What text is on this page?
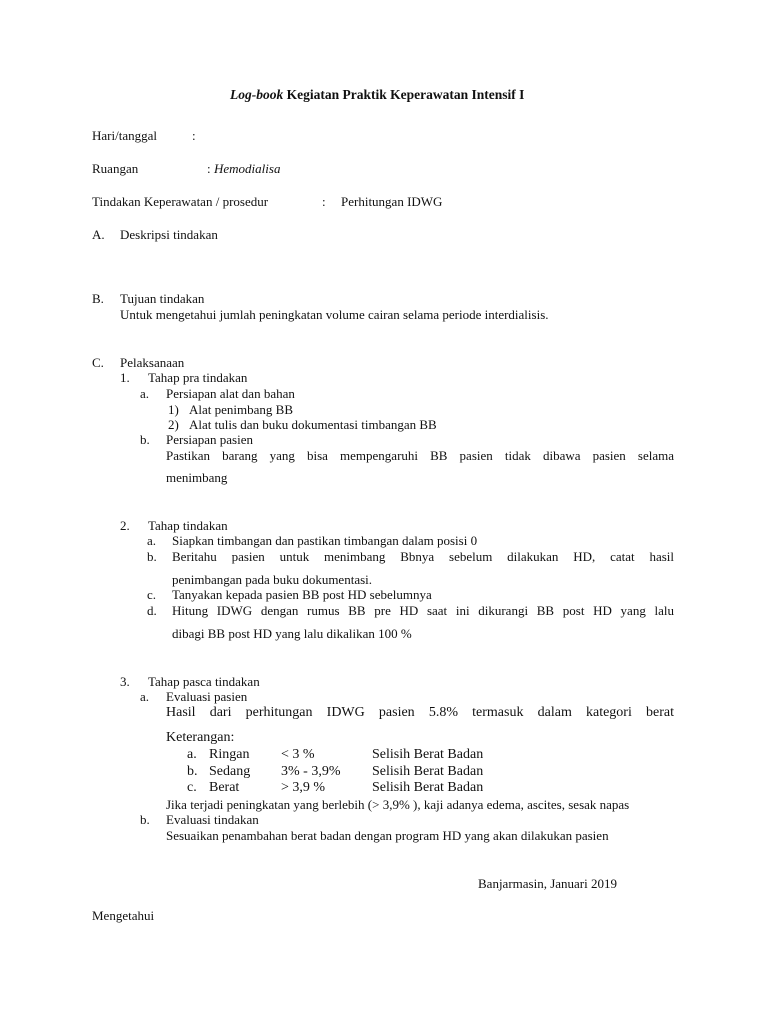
Log-book Kegiatan Praktik Keperawatan Intensif I
Hari/tanggal	:
Ruangan	: Hemodialisa
Tindakan Keperawatan / prosedur	: Perhitungan IDWG
A. Deskripsi tindakan
B. Tujuan tindakan
Untuk mengetahui jumlah peningkatan volume cairan selama periode interdialisis.
C. Pelaksanaan
1. Tahap pra tindakan
a. Persiapan alat dan bahan
1) Alat penimbang BB
2) Alat tulis dan buku dokumentasi timbangan BB
b. Persiapan pasien
Pastikan barang yang bisa mempengaruhi BB pasien tidak dibawa pasien selama
menimbang
2. Tahap tindakan
a. Siapkan timbangan dan pastikan timbangan dalam posisi 0
b. Beritahu pasien untuk menimbang Bbnya sebelum dilakukan HD, catat hasil
penimbangan pada buku dokumentasi.
c. Tanyakan kepada pasien BB post HD sebelumnya
d. Hitung IDWG dengan rumus BB pre HD saat ini dikurangi BB post HD yang lalu
dibagi BB post HD yang lalu dikalikan 100 %
3. Tahap pasca tindakan
a. Evaluasi pasien
Hasil dari perhitungan IDWG pasien 5.8% termasuk dalam kategori berat
Keterangan:
a. Ringan < 3 %	Selisih Berat Badan
b. Sedang 3% - 3,9% Selisih Berat Badan
c. Berat	> 3,9 %	Selisih Berat Badan
Jika terjadi peningkatan yang berlebih (> 3,9% ), kaji adanya edema, ascites, sesak napas
b. Evaluasi tindakan
Sesuaikan penambahan berat badan dengan program HD yang akan dilakukan pasien
Banjarmasin, Januari 2019
Mengetahui
